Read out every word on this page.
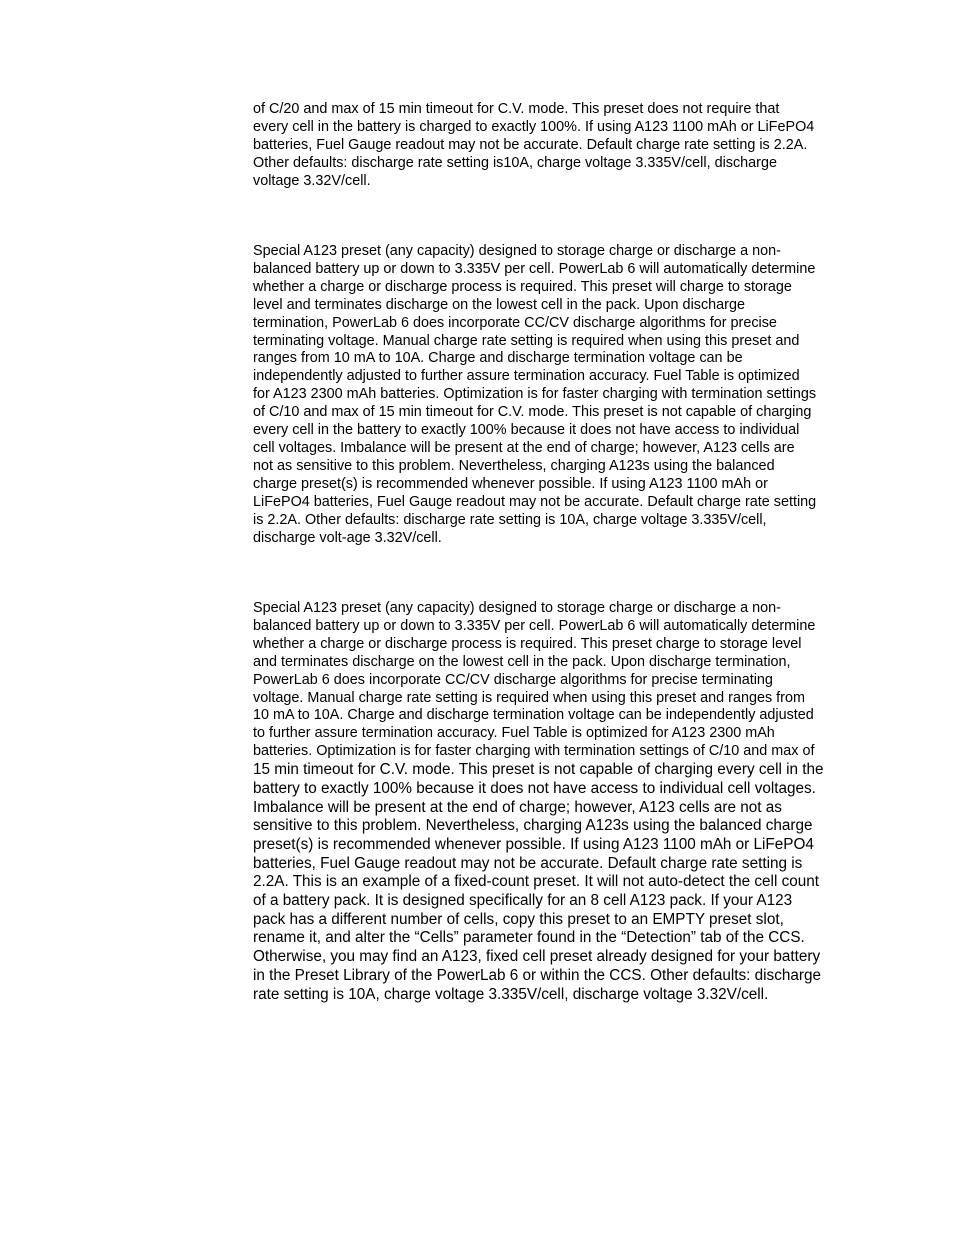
of C/20 and max of 15 min timeout for C.V. mode. This preset does not require that
every cell in the battery is charged to exactly 100%. If using A123 1100 mAh or LiFePO4
batteries, Fuel Gauge readout may not be accurate. Default charge rate setting is 2.2A.
Other defaults: discharge rate setting is10A, charge voltage 3.335V/cell, discharge
voltage 3.32V/cell.
Special A123 preset (any capacity) designed to storage charge or discharge a non-
balanced battery up or down to 3.335V per cell. PowerLab 6 will automatically determine
whether a charge or discharge process is required. This preset will charge to storage
level and terminates discharge on the lowest cell in the pack. Upon discharge
termination, PowerLab 6 does incorporate CC/CV discharge algorithms for precise
terminating voltage. Manual charge rate setting is required when using this preset and
ranges from 10 mA to 10A. Charge and discharge termination voltage can be
independently adjusted to further assure termination accuracy. Fuel Table is optimized
for A123 2300 mAh batteries. Optimization is for faster charging with termination settings
of C/10 and max of 15 min timeout for C.V. mode. This preset is not capable of charging
every cell in the battery to exactly 100% because it does not have access to individual
cell voltages. Imbalance will be present at the end of charge; however, A123 cells are
not as sensitive to this problem. Nevertheless, charging A123s using the balanced
charge preset(s) is recommended whenever possible. If using A123 1100 mAh or
LiFePO4 batteries, Fuel Gauge readout may not be accurate. Default charge rate setting
is 2.2A. Other defaults: discharge rate setting is 10A, charge voltage 3.335V/cell,
discharge volt-age 3.32V/cell.
Special A123 preset (any capacity) designed to storage charge or discharge a non-
balanced battery up or down to 3.335V per cell. PowerLab 6 will automatically determine
whether a charge or discharge process is required. This preset charge to storage level
and terminates discharge on the lowest cell in the pack. Upon discharge termination,
PowerLab 6 does incorporate CC/CV discharge algorithms for precise terminating
voltage. Manual charge rate setting is required when using this preset and ranges from
10 mA to 10A. Charge and discharge termination voltage can be independently adjusted
to further assure termination accuracy. Fuel Table is optimized for A123 2300 mAh
batteries. Optimization is for faster charging with termination settings of C/10 and max of
15 min timeout for C.V. mode. This preset is not capable of charging every cell in the
battery to exactly 100% because it does not have access to individual cell voltages.
Imbalance will be present at the end of charge; however, A123 cells are not as
sensitive to this problem. Nevertheless, charging A123s using the balanced charge
preset(s) is recommended whenever possible. If using A123 1100 mAh or LiFePO4
batteries, Fuel Gauge readout may not be accurate. Default charge rate setting is
2.2A. This is an example of a fixed-count preset. It will not auto-detect the cell count
of a battery pack. It is designed specifically for an 8 cell A123 pack. If your A123
pack has a different number of cells, copy this preset to an EMPTY preset slot,
rename it, and alter the “Cells” parameter found in the “Detection” tab of the CCS.
Otherwise, you may find an A123, fixed cell preset already designed for your battery
in the Preset Library of the PowerLab 6 or within the CCS. Other defaults: discharge
rate setting is 10A, charge voltage 3.335V/cell, discharge voltage 3.32V/cell.
